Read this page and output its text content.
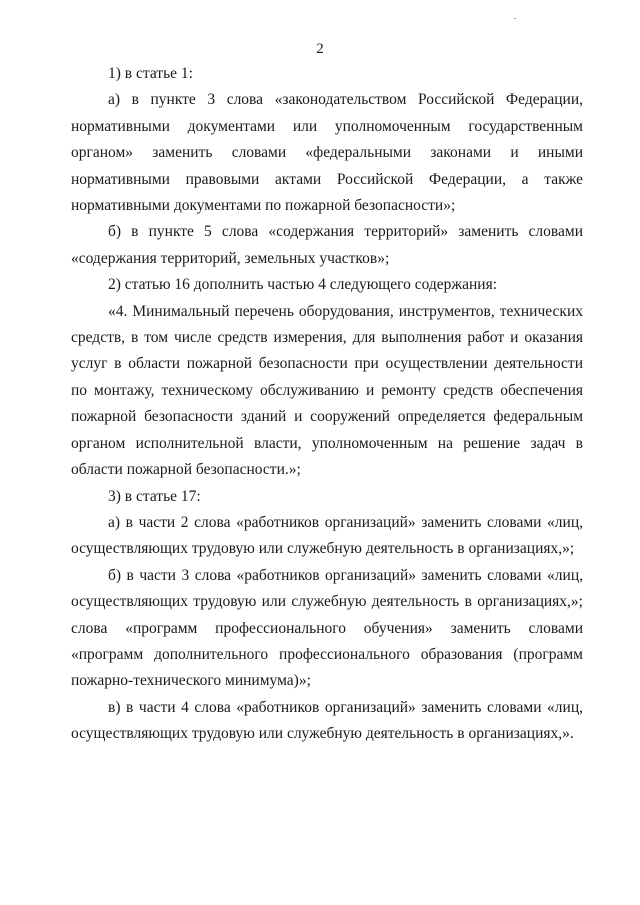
2

1) в статье 1:

а) в пункте 3 слова «законодательством Российской Федерации, нормативными документами или уполномоченным государственным органом» заменить словами «федеральными законами и иными нормативными правовыми актами Российской Федерации, а также нормативными документами по пожарной безопасности»;

б) в пункте 5 слова «содержания территорий» заменить словами «содержания территорий, земельных участков»;

2) статью 16 дополнить частью 4 следующего содержания:

«4. Минимальный перечень оборудования, инструментов, технических средств, в том числе средств измерения, для выполнения работ и оказания услуг в области пожарной безопасности при осуществлении деятельности по монтажу, техническому обслуживанию и ремонту средств обеспечения пожарной безопасности зданий и сооружений определяется федеральным органом исполнительной власти, уполномоченным на решение задач в области пожарной безопасности.»;

3) в статье 17:

а) в части 2 слова «работников организаций» заменить словами «лиц, осуществляющих трудовую или служебную деятельность в организациях,»;

б) в части 3 слова «работников организаций» заменить словами «лиц, осуществляющих трудовую или служебную деятельность в организациях,»; слова «программ профессионального обучения» заменить словами «программ дополнительного профессионального образования (программ пожарно-технического минимума)»;

в) в части 4 слова «работников организаций» заменить словами «лиц, осуществляющих трудовую или служебную деятельность в организациях,».
